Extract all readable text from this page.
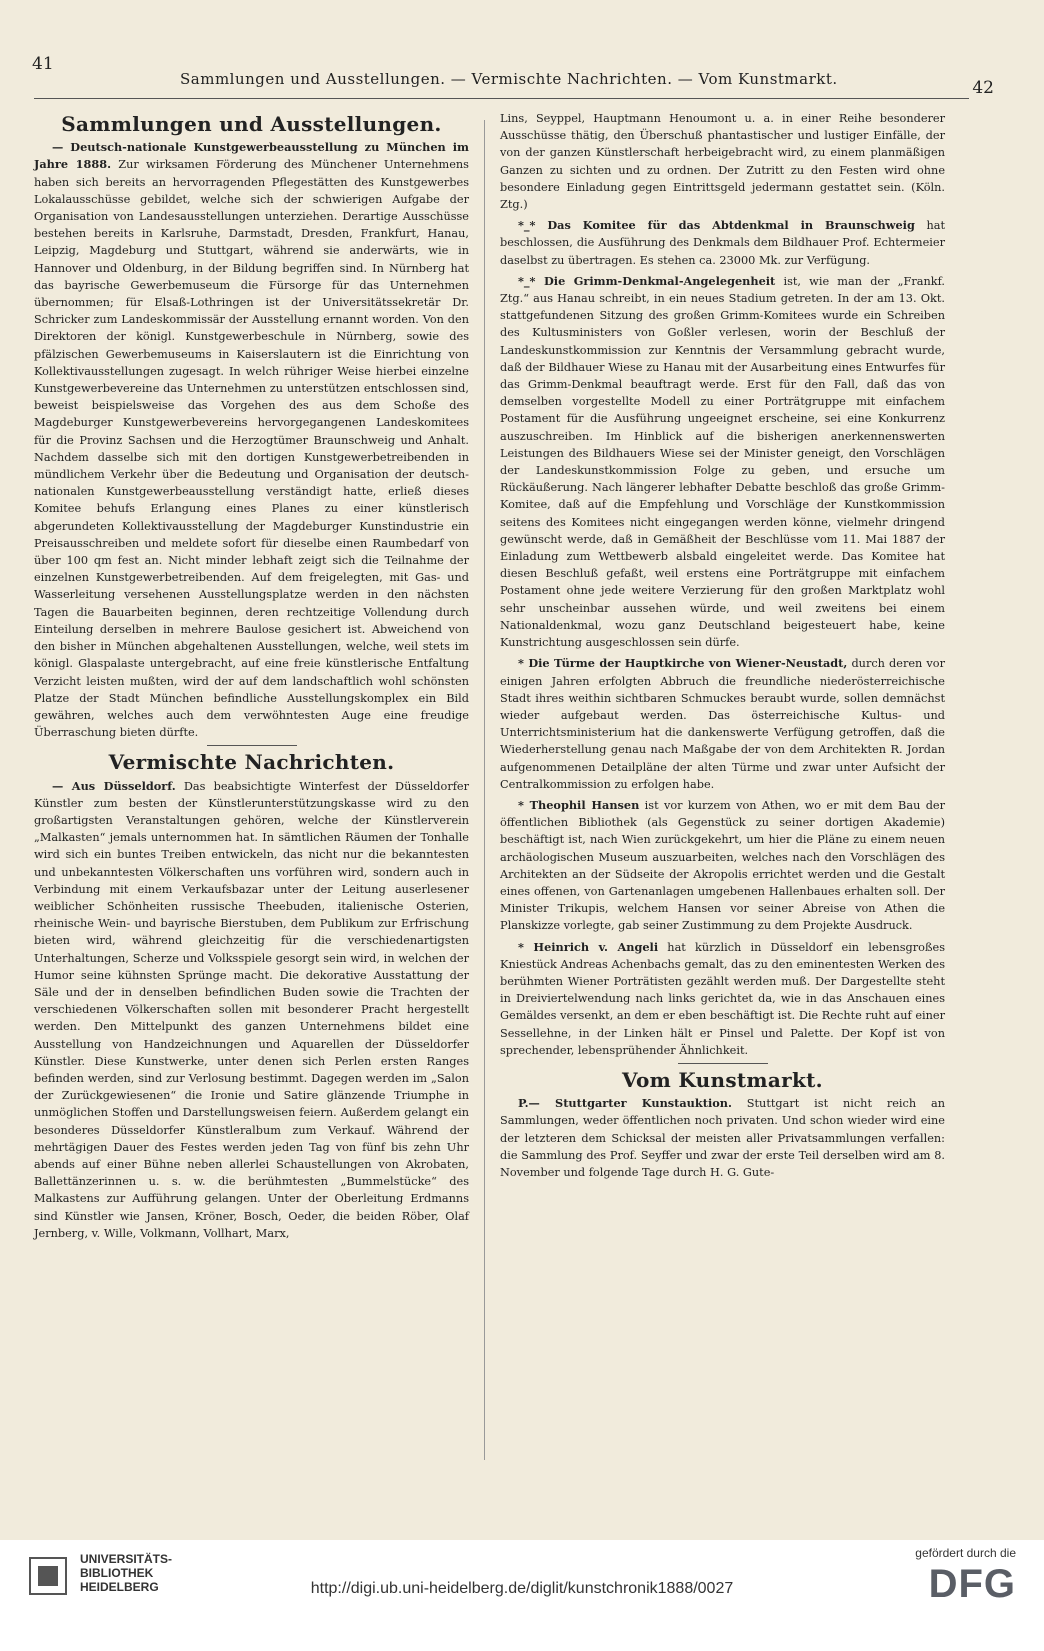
41
Sammlungen und Ausstellungen. — Vermischte Nachrichten. — Vom Kunstmarkt.	42
Sammlungen und Ausstellungen.

— Deutsch-nationale Kunstgewerbeausstellung zu München im Jahre 1888. Zur wirksamen Förderung des Münchener Unternehmens haben sich bereits an hervorragenden Pflegestätten des Kunstgewerbes Lokalausschüsse gebildet, welche sich der schwierigen Aufgabe der Organisation von Landesausstellungen unterziehen. Derartige Ausschüsse bestehen bereits in Karlsruhe, Darmstadt, Dresden, Frankfurt, Hanau, Leipzig, Magdeburg und Stuttgart, während sie anderwärts, wie in Hannover und Oldenburg, in der Bildung begriffen sind. In Nürnberg hat das bayrische Gewerbemuseum die Fürsorge für das Unternehmen übernommen; für Elsaß-Lothringen ist der Universitätssekretär Dr. Schricker zum Landeskommissär der Ausstellung ernannt worden. Von den Direktoren der königl. Kunstgewerbeschule in Nürnberg, sowie des pfälzischen Gewerbemuseums in Kaiserslautern ist die Einrichtung von Kollektivausstellungen zugesagt. In welch rühriger Weise hierbei einzelne Kunstgewerbevereine das Unternehmen zu unterstützen entschlossen sind, beweist beispielsweise das Vorgehen des aus dem Schoße des Magdeburger Kunstgewerbevereins hervorgegangenen Landeskomitees für die Provinz Sachsen und die Herzogtümer Braunschweig und Anhalt. Nachdem dasselbe sich mit den dortigen Kunstgewerbetreibenden in mündlichem Verkehr über die Bedeutung und Organisation der deutsch-nationalen Kunstgewerbeausstellung verständigt hatte, erließ dieses Komitee behufs Erlangung eines Planes zu einer künstlerisch abgerundeten Kollektivausstellung der Magdeburger Kunstindustrie ein Preisausschreiben und meldete sofort für dieselbe einen Raumbedarf von über 100 qm fest an. Nicht minder lebhaft zeigt sich die Teilnahme der einzelnen Kunstgewerbetreibenden. Auf dem freigelegten, mit Gas- und Wasserleitung versehenen Ausstellungsplatze werden in den nächsten Tagen die Bauarbeiten beginnen, deren rechtzeitige Vollendung durch Einteilung derselben in mehrere Baulose gesichert ist. Abweichend von den bisher in München abgehaltenen Ausstellungen, welche, weil stets im königl. Glaspalaste untergebracht, auf eine freie künstlerische Entfaltung Verzicht leisten mußten, wird der auf dem landschaftlich wohl schönsten Platze der Stadt München befindliche Ausstellungskomplex ein Bild gewähren, welches auch dem verwöhntesten Auge eine freudige Überraschung bieten dürfte.

Vermischte Nachrichten.

— Aus Düsseldorf. Das beabsichtigte Winterfest der Düsseldorfer Künstler zum besten der Künstlerunterstützungskasse wird zu den großartigsten Veranstaltungen gehören, welche der Künstlerverein „Malkasten“ jemals unternommen hat. In sämtlichen Räumen der Tonhalle wird sich ein buntes Treiben entwickeln, das nicht nur die bekanntesten und unbekanntesten Völkerschaften uns vorführen wird, sondern auch in Verbindung mit einem Verkaufsbazar unter der Leitung auserlesener weiblicher Schönheiten russische Theebuden, italienische Osterien, rheinische Wein- und bayrische Bierstuben, dem Publikum zur Erfrischung bieten wird, während gleichzeitig für die verschiedenartigsten Unterhaltungen, Scherze und Volksspiele gesorgt sein wird, in welchen der Humor seine kühnsten Sprünge macht. Die dekorative Ausstattung der Säle und der in denselben befindlichen Buden sowie die Trachten der verschiedenen Völkerschaften sollen mit besonderer Pracht hergestellt werden. Den Mittelpunkt des ganzen Unternehmens bildet eine Ausstellung von Handzeichnungen und Aquarellen der Düsseldorfer Künstler. Diese Kunstwerke, unter denen sich Perlen ersten Ranges befinden werden, sind zur Verlosung bestimmt. Dagegen werden im „Salon der Zurückgewiesenen“ die Ironie und Satire glänzende Triumphe in unmöglichen Stoffen und Darstellungsweisen feiern. Außerdem gelangt ein besonderes Düsseldorfer Künstleralbum zum Verkauf. Während der mehrtägigen Dauer des Festes werden jeden Tag von fünf bis zehn Uhr abends auf einer Bühne neben allerlei Schaustellungen von Akrobaten, Ballettänzerinnen u. s. w. die berühmtesten „Bummelstücke“ des Malkastens zur Aufführung gelangen. Unter der Oberleitung Erdmanns sind Künstler wie Jansen, Kröner, Bosch, Oeder, die beiden Röber, Olaf Jernberg, v. Wille, Volkmann, Vollhart, Marx,

Lins, Seyppel, Hauptmann Henoumont u. a. in einer Reihe besonderer Ausschüsse thätig, den Überschuß phantastischer und lustiger Einfälle, der von der ganzen Künstlerschaft herbeigebracht wird, zu einem planmäßigen Ganzen zu sichten und zu ordnen. Der Zutritt zu den Festen wird ohne besondere Einladung gegen Eintrittsgeld jedermann gestattet sein. (Köln. Ztg.)

*_* Das Komitee für das Abtdenkmal in Braunschweig hat beschlossen, die Ausführung des Denkmals dem Bildhauer Prof. Echtermeier daselbst zu übertragen. Es stehen ca. 23000 Mk. zur Verfügung.

*_* Die Grimm-Denkmal-Angelegenheit ist, wie man der „Frankf. Ztg.“ aus Hanau schreibt, in ein neues Stadium getreten. In der am 13. Okt. stattgefundenen Sitzung des großen Grimm-Komitees wurde ein Schreiben des Kultusministers von Goßler verlesen, worin der Beschluß der Landeskunstkommission zur Kenntnis der Versammlung gebracht wurde, daß der Bildhauer Wiese zu Hanau mit der Ausarbeitung eines Entwurfes für das Grimm-Denkmal beauftragt werde. Erst für den Fall, daß das von demselben vorgestellte Modell zu einer Porträtgruppe mit einfachem Postament für die Ausführung ungeeignet erscheine, sei eine Konkurrenz auszuschreiben. Im Hinblick auf die bisherigen anerkennenswerten Leistungen des Bildhauers Wiese sei der Minister geneigt, den Vorschlägen der Landeskunstkommission Folge zu geben, und ersuche um Rückäußerung. Nach längerer lebhafter Debatte beschloß das große Grimm-Komitee, daß auf die Empfehlung und Vorschläge der Kunstkommission seitens des Komitees nicht eingegangen werden könne, vielmehr dringend gewünscht werde, daß in Gemäßheit der Beschlüsse vom 11. Mai 1887 der Einladung zum Wettbewerb alsbald eingeleitet werde. Das Komitee hat diesen Beschluß gefaßt, weil erstens eine Porträtgruppe mit einfachem Postament ohne jede weitere Verzierung für den großen Marktplatz wohl sehr unscheinbar aussehen würde, und weil zweitens bei einem Nationaldenkmal, wozu ganz Deutschland beigesteuert habe, keine Kunstrichtung ausgeschlossen sein dürfe.

* Die Türme der Hauptkirche von Wiener-Neustadt, durch deren vor einigen Jahren erfolgten Abbruch die freundliche niederösterreichische Stadt ihres weithin sichtbaren Schmuckes beraubt wurde, sollen demnächst wieder aufgebaut werden. Das österreichische Kultus- und Unterrichtsministerium hat die dankenswerte Verfügung getroffen, daß die Wiederherstellung genau nach Maßgabe der von dem Architekten R. Jordan aufgenommenen Detailpläne der alten Türme und zwar unter Aufsicht der Centralkommission zu erfolgen habe.

* Theophil Hansen ist vor kurzem von Athen, wo er mit dem Bau der öffentlichen Bibliothek (als Gegenstück zu seiner dortigen Akademie) beschäftigt ist, nach Wien zurückgekehrt, um hier die Pläne zu einem neuen archäologischen Museum auszuarbeiten, welches nach den Vorschlägen des Architekten an der Südseite der Akropolis errichtet werden und die Gestalt eines offenen, von Gartenanlagen umgebenen Hallenbaues erhalten soll. Der Minister Trikupis, welchem Hansen vor seiner Abreise von Athen die Planskizze vorlegte, gab seiner Zustimmung zu dem Projekte Ausdruck.

* Heinrich v. Angeli hat kürzlich in Düsseldorf ein lebensgroßes Kniestück Andreas Achenbachs gemalt, das zu den eminentesten Werken des berühmten Wiener Porträtisten gezählt werden muß. Der Dargestellte steht in Dreiviertelwendung nach links gerichtet da, wie in das Anschauen eines Gemäldes versenkt, an dem er eben beschäftigt ist. Die Rechte ruht auf einer Sessellehne, in der Linken hält er Pinsel und Palette. Der Kopf ist von sprechender, lebensprühender Ähnlichkeit.

Vom Kunstmarkt.

P.— Stuttgarter Kunstauktion. Stuttgart ist nicht reich an Sammlungen, weder öffentlichen noch privaten. Und schon wieder wird eine der letzteren dem Schicksal der meisten aller Privatsammlungen verfallen: die Sammlung des Prof. Seyffer und zwar der erste Teil derselben wird am 8. November und folgende Tage durch H. G. Gute-

UNIVERSITÄTS-
BIBLIOTHEK
HEIDELBERG	http://digi.ub.uni-heidelberg.de/diglit/kunstchronik1888/0027
gefördert durch die
DFG
